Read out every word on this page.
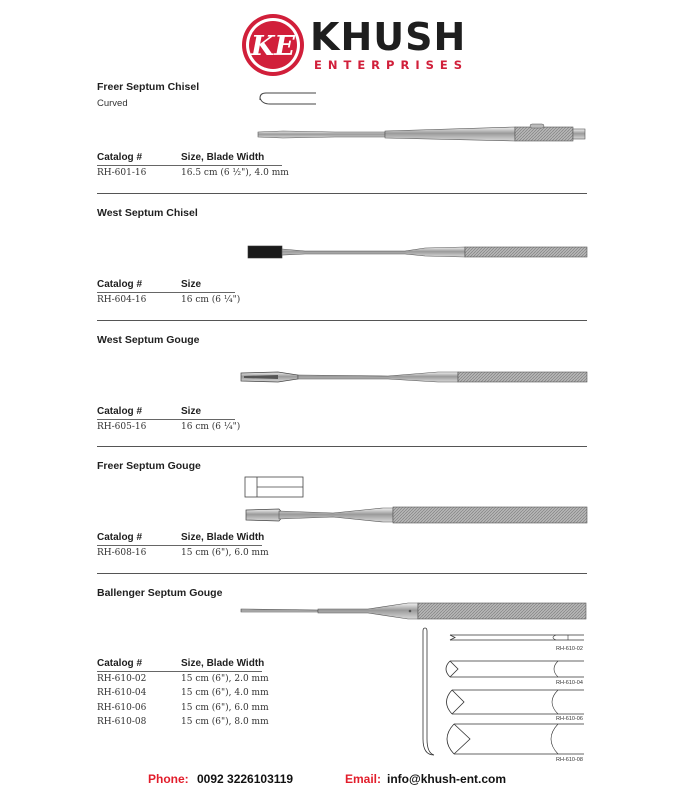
KE KHUSH
ENTERPRISES
Freer Septum Chisel
Curved
Catalog #	Size, Blade Width
RH-601-16	16.5 cm (6 ½"), 4.0 mm
West Septum Chisel
Catalog #	Size
RH-604-16	16 cm (6 ¼")
West Septum Gouge
Catalog #	Size
RH-605-16	16 cm (6 ¼")
Freer Septum Gouge
Catalog #	Size, Blade Width
RH-608-16	15 cm (6"), 6.0 mm
Ballenger Septum Gouge
RH-610-02
RH-610-04
RH-610-06
RH-610-08
Catalog #	Size, Blade Width
RH-610-02	15 cm (6"), 2.0 mm
RH-610-04	15 cm (6"), 4.0 mm
RH-610-06	15 cm (6"), 6.0 mm
RH-610-08	15 cm (6"), 8.0 mm
Phone: 0092 3226103119	Email: info@khush-ent.com
